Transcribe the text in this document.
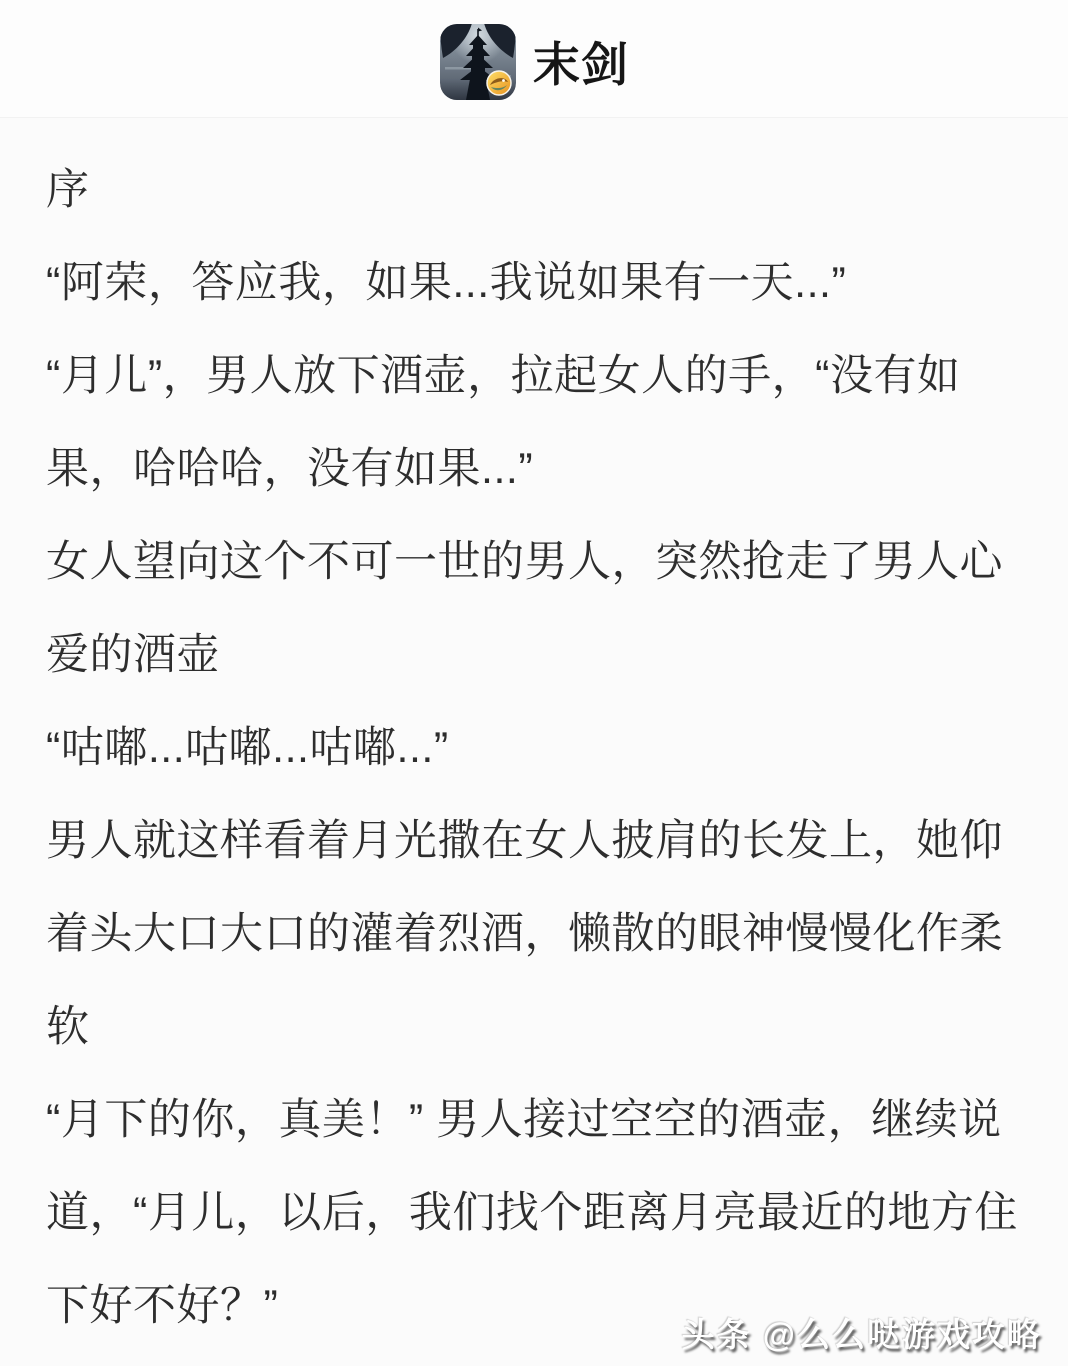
末剑

序

“阿荣，答应我，如果...我说如果有一天...”

“月儿”，男人放下酒壶，拉起女人的手，“没有如果，哈哈哈，没有如果...”

女人望向这个不可一世的男人，突然抢走了男人心爱的酒壶

“咕嘟...咕嘟...咕嘟...”

男人就这样看着月光撒在女人披肩的长发上，她仰着头大口大口的灌着烈酒，懒散的眼神慢慢化作柔软

“月下的你，真美！” 男人接过空空的酒壶，继续说道，“月儿，以后，我们找个距离月亮最近的地方住下好不好？”

头条 @么么哒游戏攻略
